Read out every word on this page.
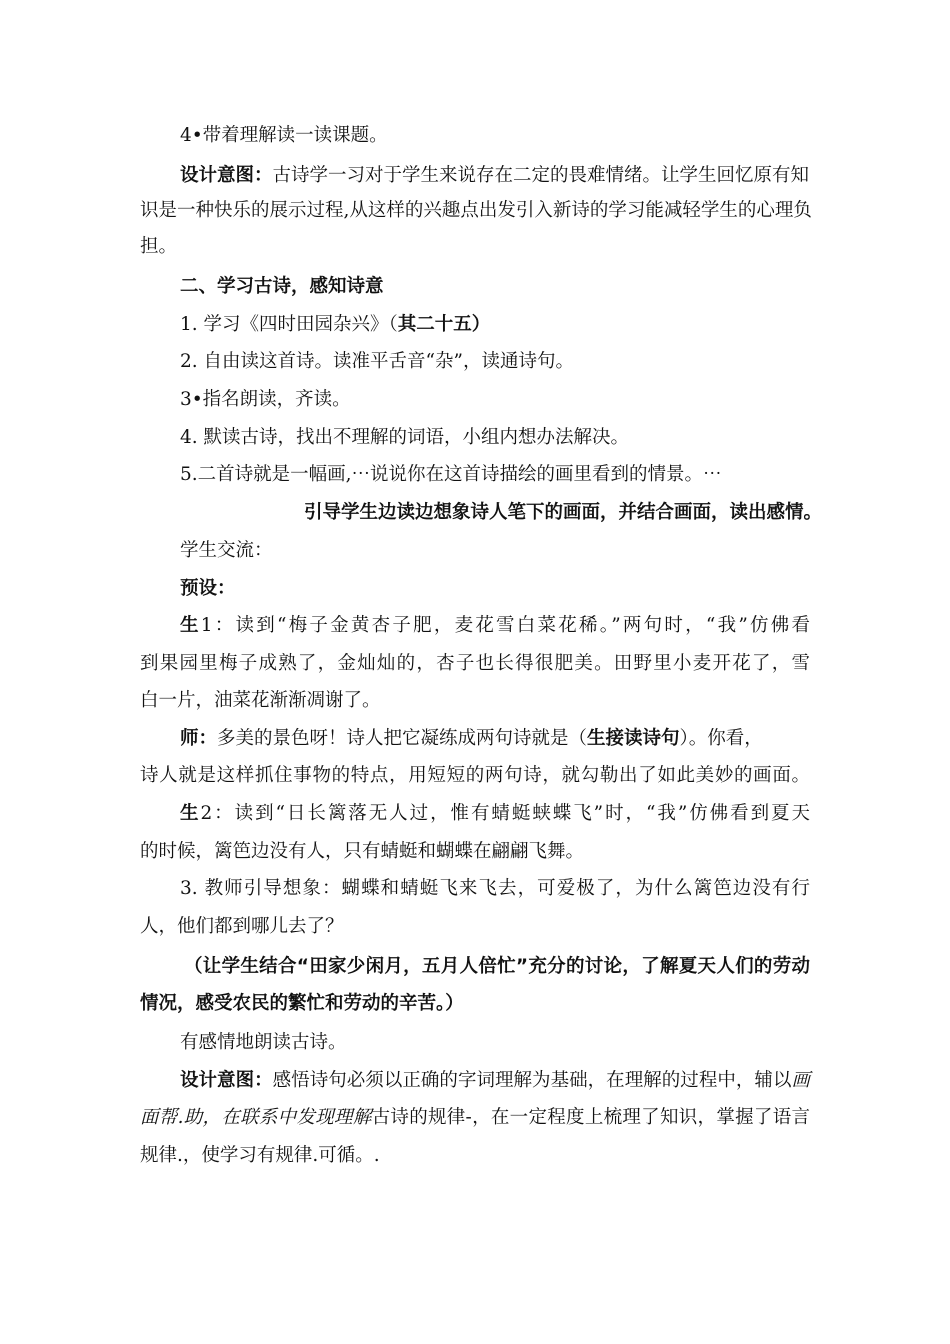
4•带着理解读一读课题。
设计意图：古诗学一习对于学生来说存在二定的畏难情绪。让学生回忆原有知
识是一种快乐的展示过程,从这样的兴趣点出发引入新诗的学习能减轻学生的心理负
担。
二、学习古诗，感知诗意
1. 学习《四时田园杂兴》（其二十五）
2. 自由读这首诗。读准平舌音“杂”，读通诗句。
3•指名朗读，齐读。
4. 默读古诗，找出不理解的词语，小组内想办法解决。
5.二首诗就是一幅画,⋯说说你在这首诗描绘的画里看到的情景。⋯
引导学生边读边想象诗人笔下的画面，并结合画面，读出感情。
学生交流：
预设：
生1：读到“梅子金黄杏子肥，麦花雪白菜花稀。”两句时，“我”仿佛看
到果园里梅子成熟了，金灿灿的，杏子也长得很肥美。田野里小麦开花了，雪
白一片，油菜花渐渐凋谢了。
师：多美的景色呀！诗人把它凝练成两句诗就是（生接读诗句）。你看，
诗人就是这样抓住事物的特点，用短短的两句诗，就勾勒出了如此美妙的画面。
生2：读到“日长篱落无人过，惟有蜻蜓蛱蝶飞”时，“我”仿佛看到夏天
的时候，篱笆边没有人，只有蜻蜓和蝴蝶在翩翩飞舞。
3. 教师引导想象：蝴蝶和蜻蜓飞来飞去，可爱极了，为什么篱笆边没有行
人，他们都到哪儿去了？
（让学生结合“田家少闲月，五月人倍忙”充分的讨论，了解夏天人们的劳动
情况，感受农民的繁忙和劳动的辛苦。）
有感情地朗读古诗。
设计意图：感悟诗句必须以正确的字词理解为基础，在理解的过程中，辅以画
面帮.助，在联系中发现理解古诗的规律-，在一定程度上梳理了知识，掌握了语言
规律.，使学习有规律.可循。.
